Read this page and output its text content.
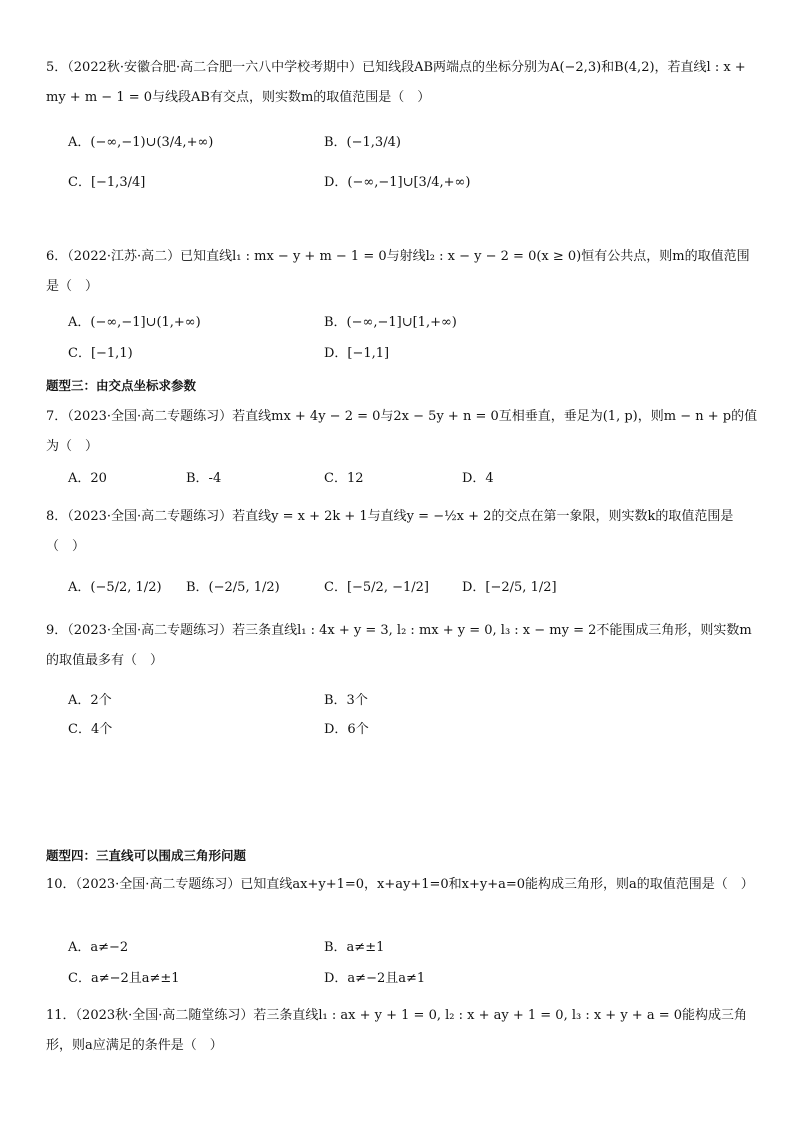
5．（2022秋·安徽合肥·高二合肥一六八中学校考期中）已知线段AB两端点的坐标分别为A(−2,3)和B(4,2)，若直线l : x + my + m − 1 = 0与线段AB有交点，则实数m的取值范围是（　）
A．(−∞,−1)∪(3/4,+∞)	B．(−1,3/4)
C．[−1,3/4]	D．(−∞,−1]∪[3/4,+∞)
6．（2022·江苏·高二）已知直线l₁ : mx − y + m − 1 = 0与射线l₂ : x − y − 2 = 0(x ≥ 0)恒有公共点，则m的取值范围是（　）
A．(−∞,−1]∪(1,+∞)	B．(−∞,−1]∪[1,+∞)
C．[−1,1)	D．[−1,1]
题型三：由交点坐标求参数
7．（2023·全国·高二专题练习）若直线mx + 4y − 2 = 0与2x − 5y + n = 0互相垂直，垂足为(1, p)，则m − n + p的值为（　）
A．20	B．-4	C．12	D．4
8．（2023·全国·高二专题练习）若直线y = x + 2k + 1与直线y = −½x + 2的交点在第一象限，则实数k的取值范围是（　）
A．(−5/2, 1/2) B．(−2/5, 1/2)	C．[−5/2, −1/2]	D．[−2/5, 1/2]
9．（2023·全国·高二专题练习）若三条直线l₁ : 4x + y = 3, l₂ : mx + y = 0, l₃ : x − my = 2不能围成三角形，则实数m的取值最多有（　）
A．2个	B．3个
C．4个	D．6个
题型四：三直线可以围成三角形问题
10．（2023·全国·高二专题练习）已知直线ax+y+1=0，x+ay+1=0和x+y+a=0能构成三角形，则a的取值范围是（　）
A．a≠−2	B．a≠±1
C．a≠−2且a≠±1	D．a≠−2且a≠1
11．（2023秋·全国·高二随堂练习）若三条直线l₁ : ax + y + 1 = 0, l₂ : x + ay + 1 = 0, l₃ : x + y + a = 0能构成三角形，则a应满足的条件是（　）
